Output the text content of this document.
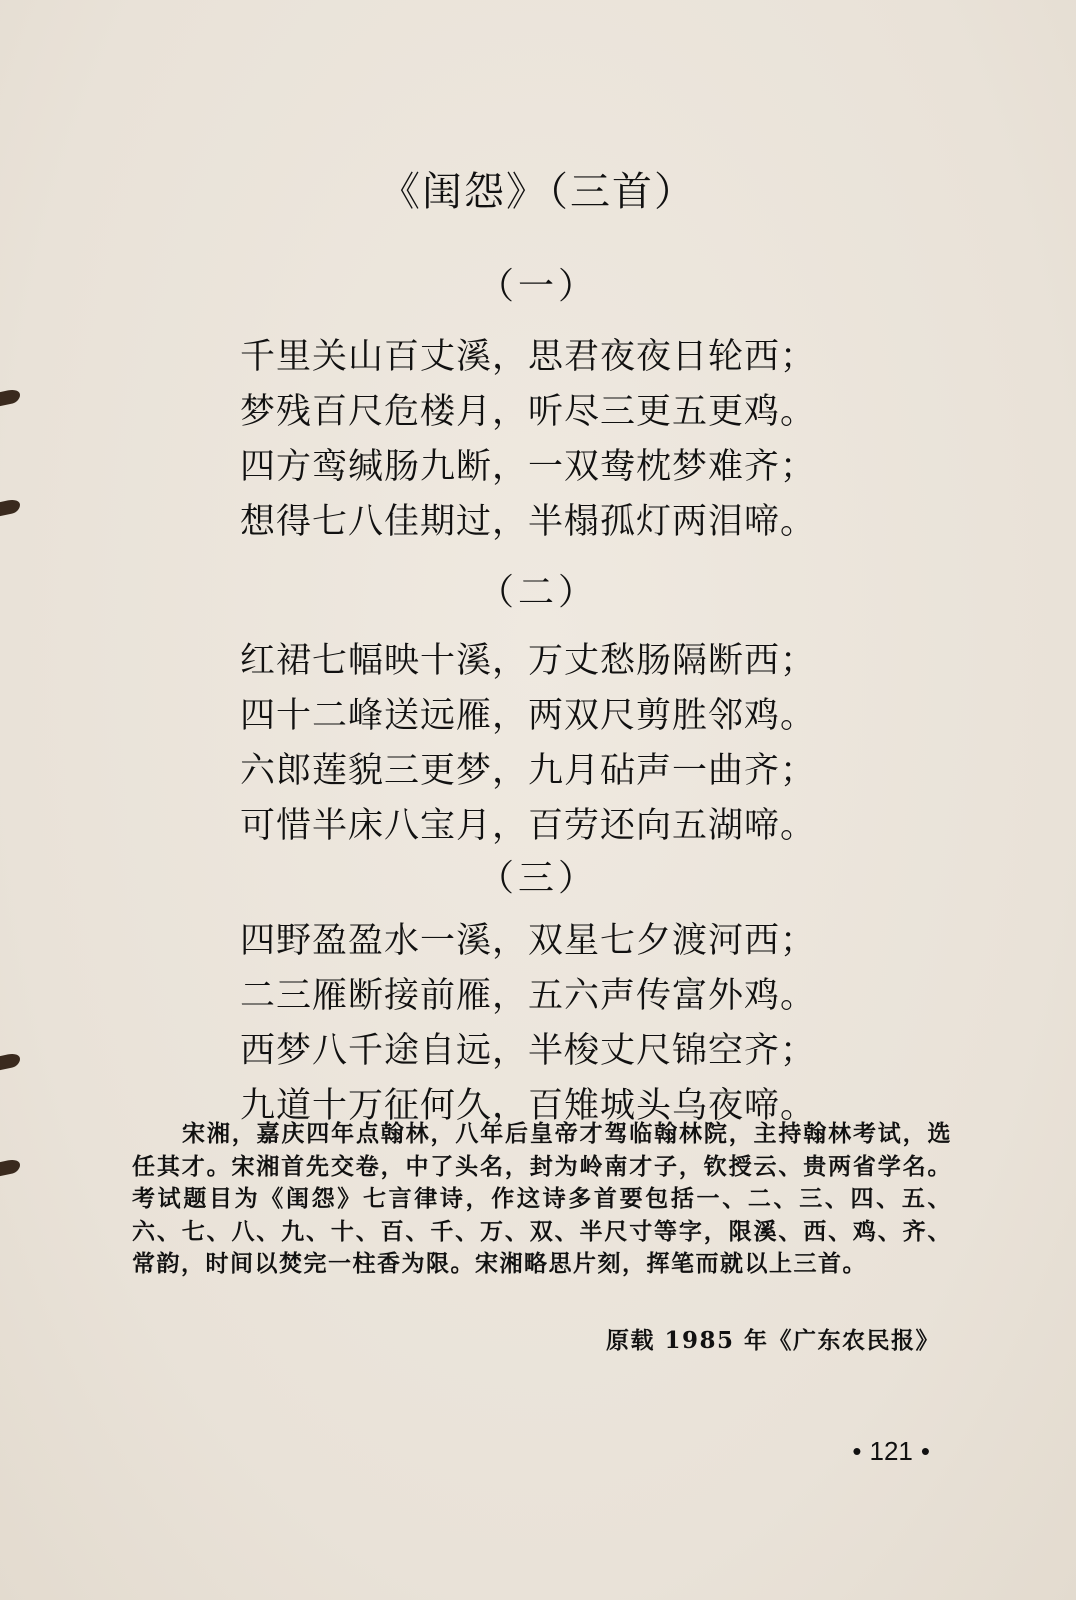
《闺怨》（三首）
（一）
千里关山百丈溪，思君夜夜日轮西；
梦残百尺危楼月，听尽三更五更鸡。
四方鸾缄肠九断，一双鸯枕梦难齐；
想得七八佳期过，半榻孤灯两泪啼。
（二）
红裙七幅映十溪，万丈愁肠隔断西；
四十二峰送远雁，两双尺剪胜邻鸡。
六郎莲貌三更梦，九月砧声一曲齐；
可惜半床八宝月，百劳还向五湖啼。
（三）
四野盈盈水一溪，双星七夕渡河西；
二三雁断接前雁，五六声传富外鸡。
西梦八千途自远，半梭丈尺锦空齐；
九道十万征何久，百雉城头乌夜啼。
宋湘，嘉庆四年点翰林，八年后皇帝才驾临翰林院，主持翰林考试，选任其才。宋湘首先交卷，中了头名，封为岭南才子，钦授云、贵两省学名。考试题目为《闺怨》七言律诗，作这诗多首要包括一、二、三、四、五、六、七、八、九、十、百、千、万、双、半尺寸等字，限溪、西、鸡、齐、常韵，时间以焚完一柱香为限。宋湘略思片刻，挥笔而就以上三首。
原载 1985 年《广东农民报》
• 121 •
